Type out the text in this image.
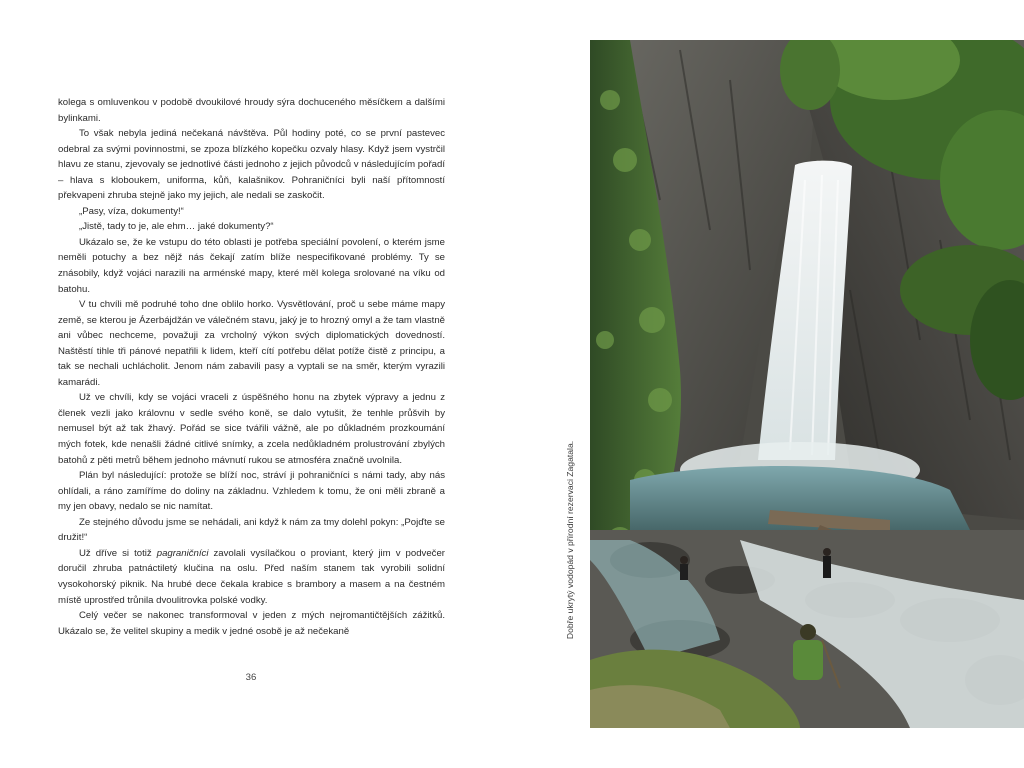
kolega s omluvenkou v podobě dvoukilové hroudy sýra dochuceného měsíčkem a dalšími bylinkami.

To však nebyla jediná nečekaná návštěva. Půl hodiny poté, co se první pastevec odebral za svými povinnostmi, se zpoza blízkého kopečku ozvaly hlasy. Když jsem vystrčil hlavu ze stanu, zjevovaly se jednotlivé části jednoho z jejich původců v následujícím pořadí – hlava s kloboukem, uniforma, kůň, kalašnikov. Pohraničníci byli naší přítomností překvapeni zhruba stejně jako my jejich, ale nedali se zaskočit.

„Pasy, víza, dokumenty!“

„Jistě, tady to je, ale ehm… jaké dokumenty?“

Ukázalo se, že ke vstupu do této oblasti je potřeba speciální povolení, o kterém jsme neměli potuchy a bez nějž nás čekají zatím blíže nespecifikované problémy. Ty se znásobily, když vojáci narazili na arménské mapy, které měl kolega srolované na víku od batohu.

V tu chvíli mě podruhé toho dne oblilo horko. Vysvětlování, proč u sebe máme mapy země, se kterou je Ázerbájdžán ve válečném stavu, jaký je to hrozný omyl a že tam vlastně ani vůbec nechceme, považuji za vrcholný výkon svých diplomatických dovedností. Naštěstí tihle tři pánové nepatřili k lidem, kteří cítí potřebu dělat potíže čistě z principu, a tak se nechali uchlácholit. Jenom nám zabavili pasy a vyptali se na směr, kterým vyrazili kamarádi.

Už ve chvíli, kdy se vojáci vraceli z úspěšného honu na zbytek výpravy a jednu z členek vezli jako královnu v sedle svého koně, se dalo vytušit, že tenhle průšvih by nemusel být až tak žhavý. Pořád se sice tvářili vážně, ale po důkladném prozkoumání mých fotek, kde nenašli žádné citlivé snímky, a zcela nedůkladném prolustrování zbylých batohů z pěti metrů během jednoho mávnutí rukou se atmosféra značně uvolnila.

Plán byl následující: protože se blíží noc, stráví ji pohraničníci s námi tady, aby nás ohlídali, a ráno zamíříme do doliny na základnu. Vzhledem k tomu, že oni měli zbraně a my jen obavy, nedalo se nic namítat.

Ze stejného důvodu jsme se nehádali, ani když k nám za tmy dolehl pokyn: „Pojďte se družit!“

Už dříve si totiž pagraničníci zavolali vysílačkou o proviant, který jim v podvečer doručil zhruba patnáctiletý klučina na oslu. Před naším stanem tak vyrobili solidní vysokohorský piknik. Na hrubé dece čekala krabice s brambory a masem a na čestném místě uprostřed trůnila dvoulitrovka polské vodky.

Celý večer se nakonec transformoval v jeden z mých nejromantičtějších zážitků. Ukázalo se, že velitel skupiny a medik v jedné osobě je až nečekaně

36
Dobře ukrytý vodopád v přírodní rezervaci Zagatala.
